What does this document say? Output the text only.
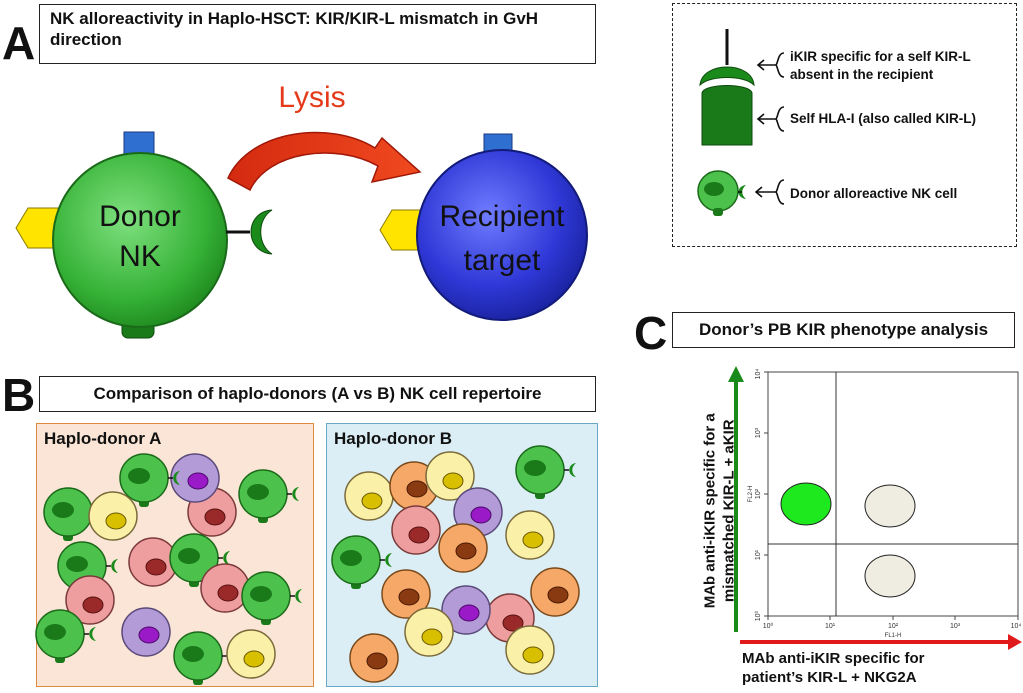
A NK alloreactivity in Haplo-HSCT: KIR/KIR-L mismatch in GvH direction
Lysis
Donor
NK
Recipient
target
iKIR specific for a self KIR-L absent in the recipient
Self HLA-I (also called KIR-L)
Donor alloreactive NK cell
B	Comparison of haplo-donors (A vs B) NK cell repertoire
Haplo-donor A	Haplo-donor B
C	Donor’s PB KIR phenotype analysis
10⁰	10¹	10²	10³	10⁴
FL1-H
10⁰
10¹
10²
10³
10⁴
FL2-H
MAb anti-iKIR specific for a mismatched KIR-L + aKIR
MAb anti-iKIR specific for patient’s KIR-L + NKG2A
